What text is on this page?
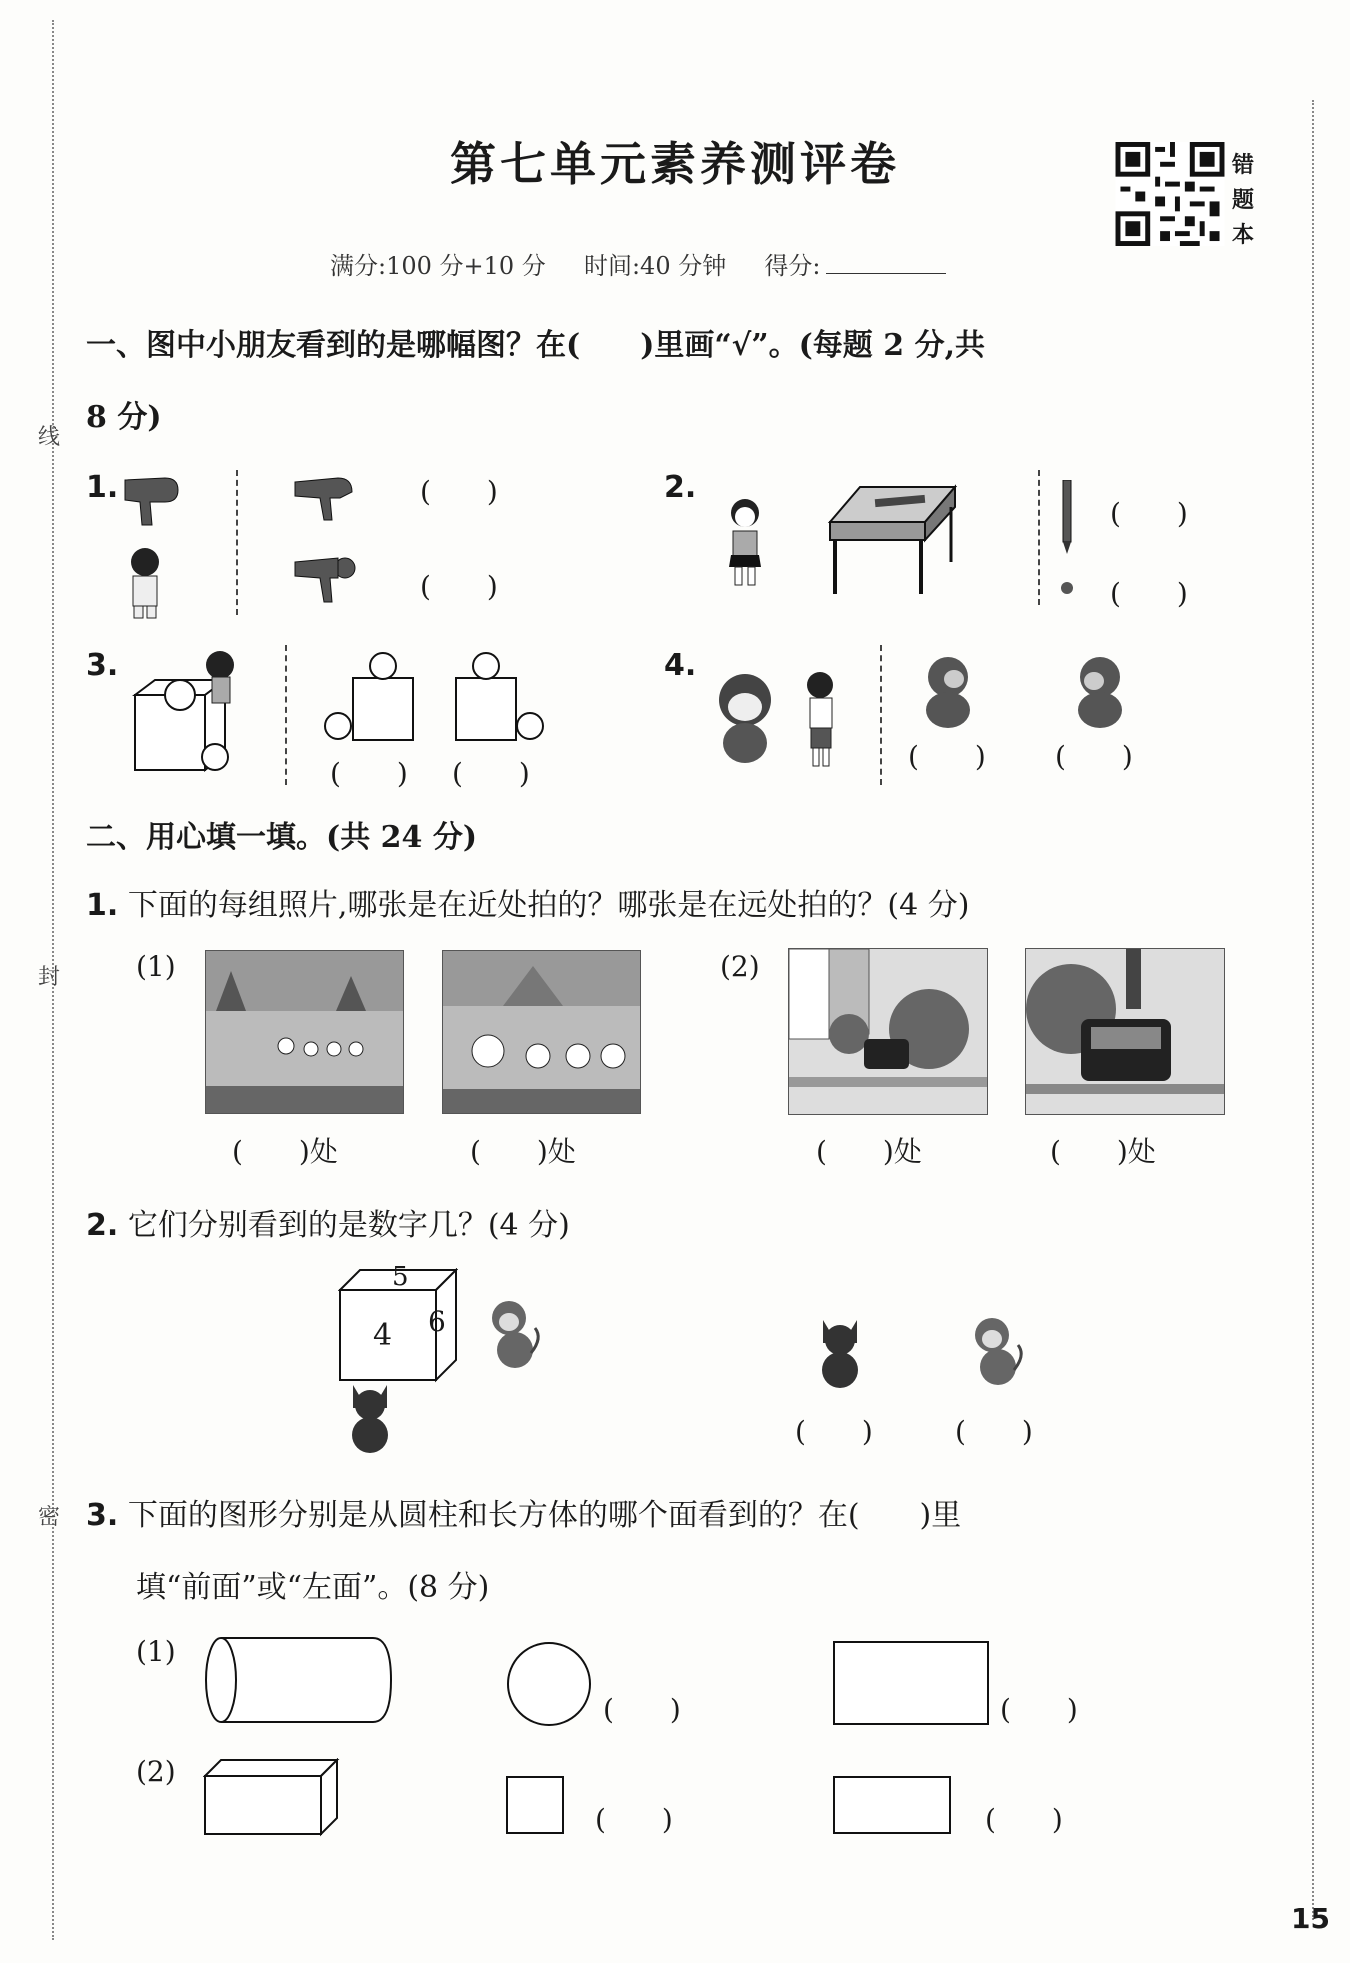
线
封
密
第七单元素养测评卷	错题本
满分:100 分+10 分 时间:40 分钟 得分:
一、图中小朋友看到的是哪幅图？在(　　)里画“√”。(每题 2 分,共
8 分)
1.	(　　)
(　　)
2.
(　　)
(　　)
3.
(　　) (　　)
4.
(　　) (　　)
二、用心填一填。(共 24 分)
1. 下面的每组照片,哪张是在近处拍的？哪张是在远处拍的？(4 分)
(1)
(　　)处	(　　)处
(2)
(　　)处	(　　)处
2. 它们分别看到的是数字几？(4 分)
5
4 6
(　　)	(　　)
3. 下面的图形分别是从圆柱和长方体的哪个面看到的？在(　　)里
填“前面”或“左面”。(8 分)
(1)
(　　)	(　　)
(2)
(　　)	(　　)
15
